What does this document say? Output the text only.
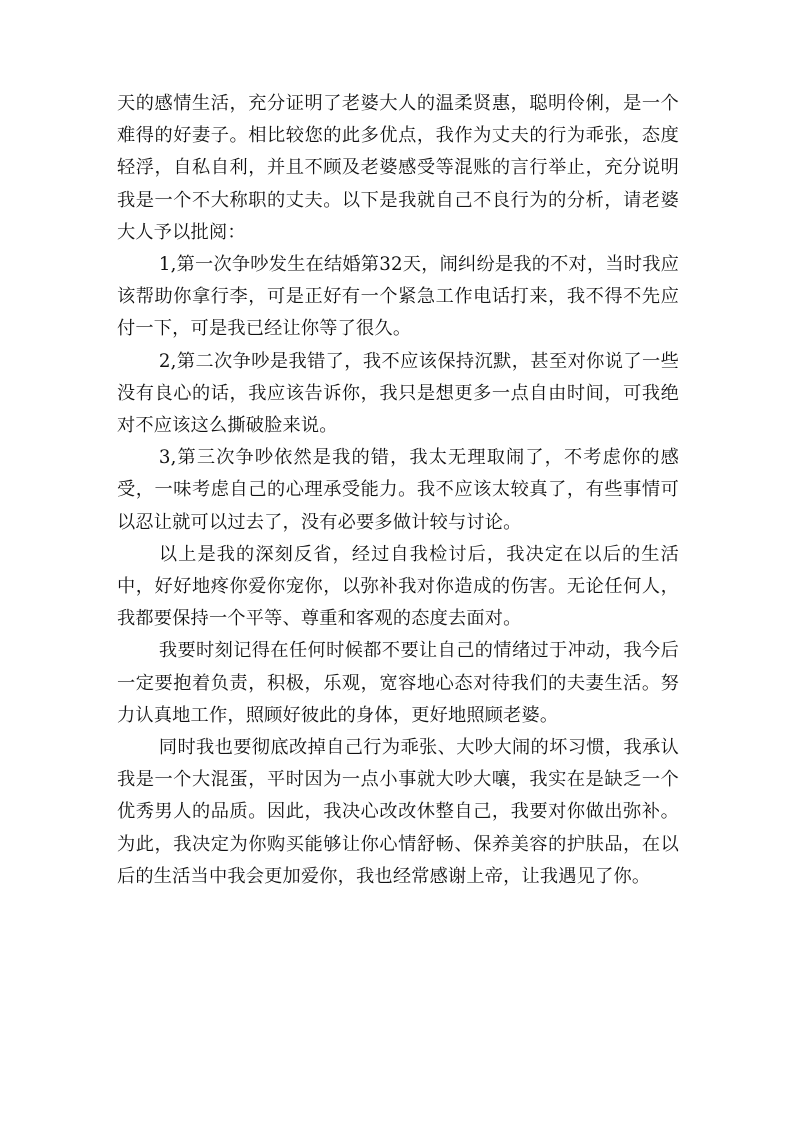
天的感情生活，充分证明了老婆大人的温柔贤惠，聪明伶俐，是一个难得的好妻子。相比较您的此多优点，我作为丈夫的行为乖张，态度轻浮，自私自利，并且不顾及老婆感受等混账的言行举止，充分说明我是一个不大称职的丈夫。以下是我就自己不良行为的分析，请老婆大人予以批阅：

1,第一次争吵发生在结婚第32天，闹纠纷是我的不对，当时我应该帮助你拿行李，可是正好有一个紧急工作电话打来，我不得不先应付一下，可是我已经让你等了很久。

2,第二次争吵是我错了，我不应该保持沉默，甚至对你说了一些没有良心的话，我应该告诉你，我只是想更多一点自由时间，可我绝对不应该这么撕破脸来说。

3,第三次争吵依然是我的错，我太无理取闹了，不考虑你的感受，一味考虑自己的心理承受能力。我不应该太较真了，有些事情可以忍让就可以过去了，没有必要多做计较与讨论。

以上是我的深刻反省，经过自我检讨后，我决定在以后的生活中，好好地疼你爱你宠你，以弥补我对你造成的伤害。无论任何人，我都要保持一个平等、尊重和客观的态度去面对。

我要时刻记得在任何时候都不要让自己的情绪过于冲动，我今后一定要抱着负责，积极，乐观，宽容地心态对待我们的夫妻生活。努力认真地工作，照顾好彼此的身体，更好地照顾老婆。

同时我也要彻底改掉自己行为乖张、大吵大闹的坏习惯，我承认我是一个大混蛋，平时因为一点小事就大吵大嚷，我实在是缺乏一个优秀男人的品质。因此，我决心改改休整自己，我要对你做出弥补。为此，我决定为你购买能够让你心情舒畅、保养美容的护肤品，在以后的生活当中我会更加爱你，我也经常感谢上帝，让我遇见了你。
